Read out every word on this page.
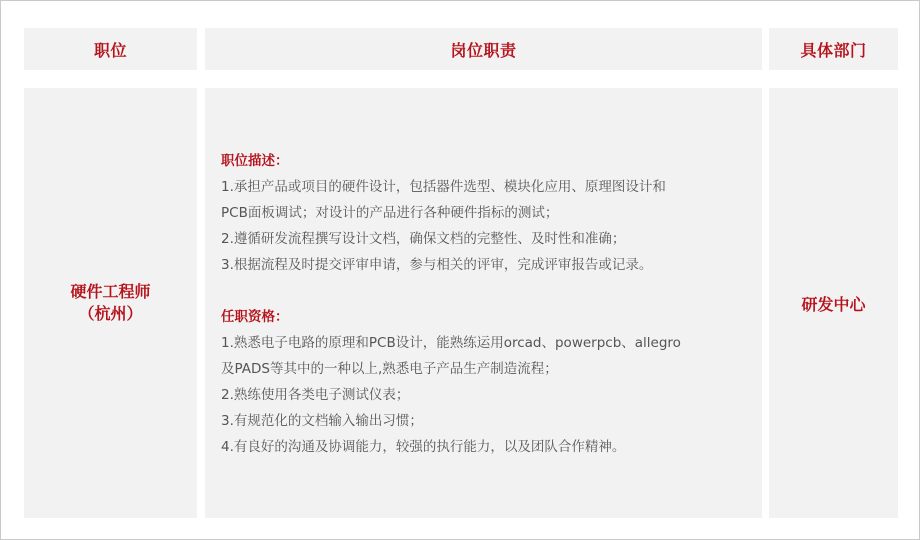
职位	岗位职责	具体部门
硬件工程师
（杭州）
职位描述：
1.承担产品或项目的硬件设计，包括器件选型、模块化应用、原理图设计和
PCB面板调试；对设计的产品进行各种硬件指标的测试；
2.遵循研发流程撰写设计文档，确保文档的完整性、及时性和准确；
3.根据流程及时提交评审申请，参与相关的评审，完成评审报告或记录。
任职资格：
1.熟悉电子电路的原理和PCB设计，能熟练运用orcad、powerpcb、allegro
及PADS等其中的一种以上,熟悉电子产品生产制造流程；
2.熟练使用各类电子测试仪表；
3.有规范化的文档输入输出习惯；
4.有良好的沟通及协调能力，较强的执行能力，以及团队合作精神。
研发中心
